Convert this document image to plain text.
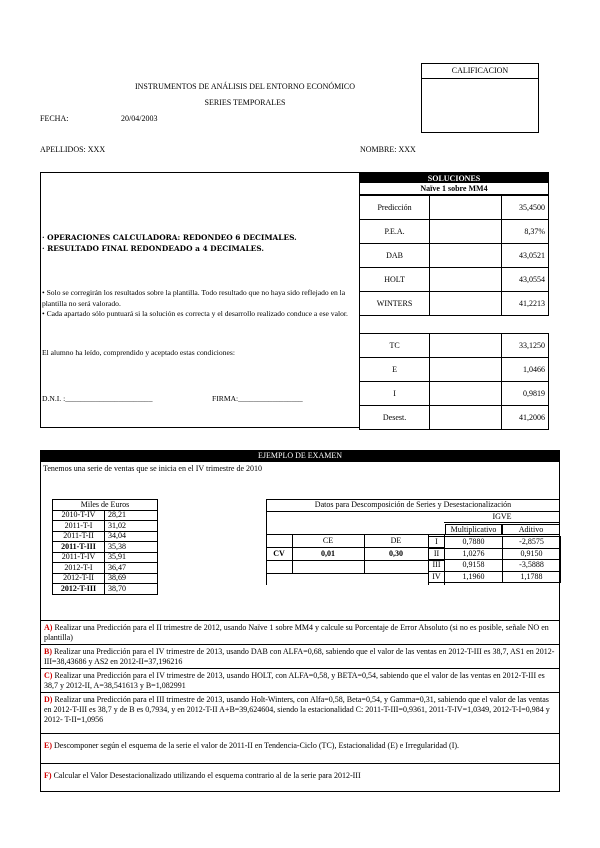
INSTRUMENTOS DE ANÁLISIS DEL ENTORNO ECONÓMICO
SERIES TEMPORALES
CALIFICACION
FECHA:	20/04/2003
APELLIDOS: XXX	NOMBRE: XXX
· OPERACIONES CALCULADORA: REDONDEO 6 DECIMALES.
· RESULTADO FINAL REDONDEADO a 4 DECIMALES.
• Solo se corregirán los resultados sobre la plantilla. Todo resultado que no haya sido reflejado en la plantilla no será valorado.
• Cada apartado sólo puntuará si la solución es correcta y el desarrollo realizado conduce a ese valor.
El alumno ha leído, comprendido y aceptado estas condiciones:
D.N.I. :_______________________	FIRMA:_________________
SOLUCIONES
Naïve 1 sobre MM4
Predicción		35,4500
P.E.A.		8,37%
DAB		43,0521
HOLT		43,0554
WINTERS		41,2213
TC		33,1250
E		1,0466
I		0,9819
Desest.		41,2006
EJEMPLO DE EXAMEN
Tenemos una serie de ventas que se inicia en el IV trimestre de 2010
Miles de Euros	
2010-T-IV	28,21
2011-T-I	31,02
2011-T-II	34,04
2011-T-III	35,38
2011-T-IV	35,91
2012-T-I	36,47
2012-T-II	38,69
2012-T-III	38,70
Datos para Descomposición de Series y Desestacionalización
IGVE
Multiplicativo	Aditivo
CE	DE
CV	0,01	0,30
I	0,7880	-2,8575
II	1,0276	0,9150
III	0,9158	-3,5888
IV	1,1960	1,1788
A) Realizar una Predicción para el II trimestre de 2012, usando Naïve 1 sobre MM4 y calcule su Porcentaje de Error Absoluto (si no es posible, señale NO en plantilla)
B) Realizar una Predicción para el IV trimestre de 2013, usando DAB con ALFA=0,68, sabiendo que el valor de las ventas en 2012-T-III es 38,7, AS1 en 2012-III=38,43686 y AS2 en 2012-II=37,196216
C) Realizar una Predicción para el IV trimestre de 2013, usando HOLT, con ALFA=0,58, y BETA=0,54, sabiendo que el valor de las ventas en 2012-T-III es 38,7 y 2012-II, A=38,541613 y B=1,082991
D) Realizar una Predicción para el III trimestre de 2013, usando Holt-Winters, con Alfa=0,58, Beta=0,54, y Gamma=0,31, sabiendo que el valor de las ventas en 2012-T-III es 38,7 y de B es 0,7934, y en 2012-T-II A+B=39,624604, siendo la estacionalidad C: 2011-T-III=0,9361, 2011-T-IV=1,0349, 2012-T-I=0,984 y 2012- T-II=1,0956
E) Descomponer según el esquema de la serie el valor de 2011-II en Tendencia-Ciclo (TC), Estacionalidad (E) e Irregularidad (I).
F) Calcular el Valor Desestacionalizado utilizando el esquema contrario al de la serie para 2012-III
